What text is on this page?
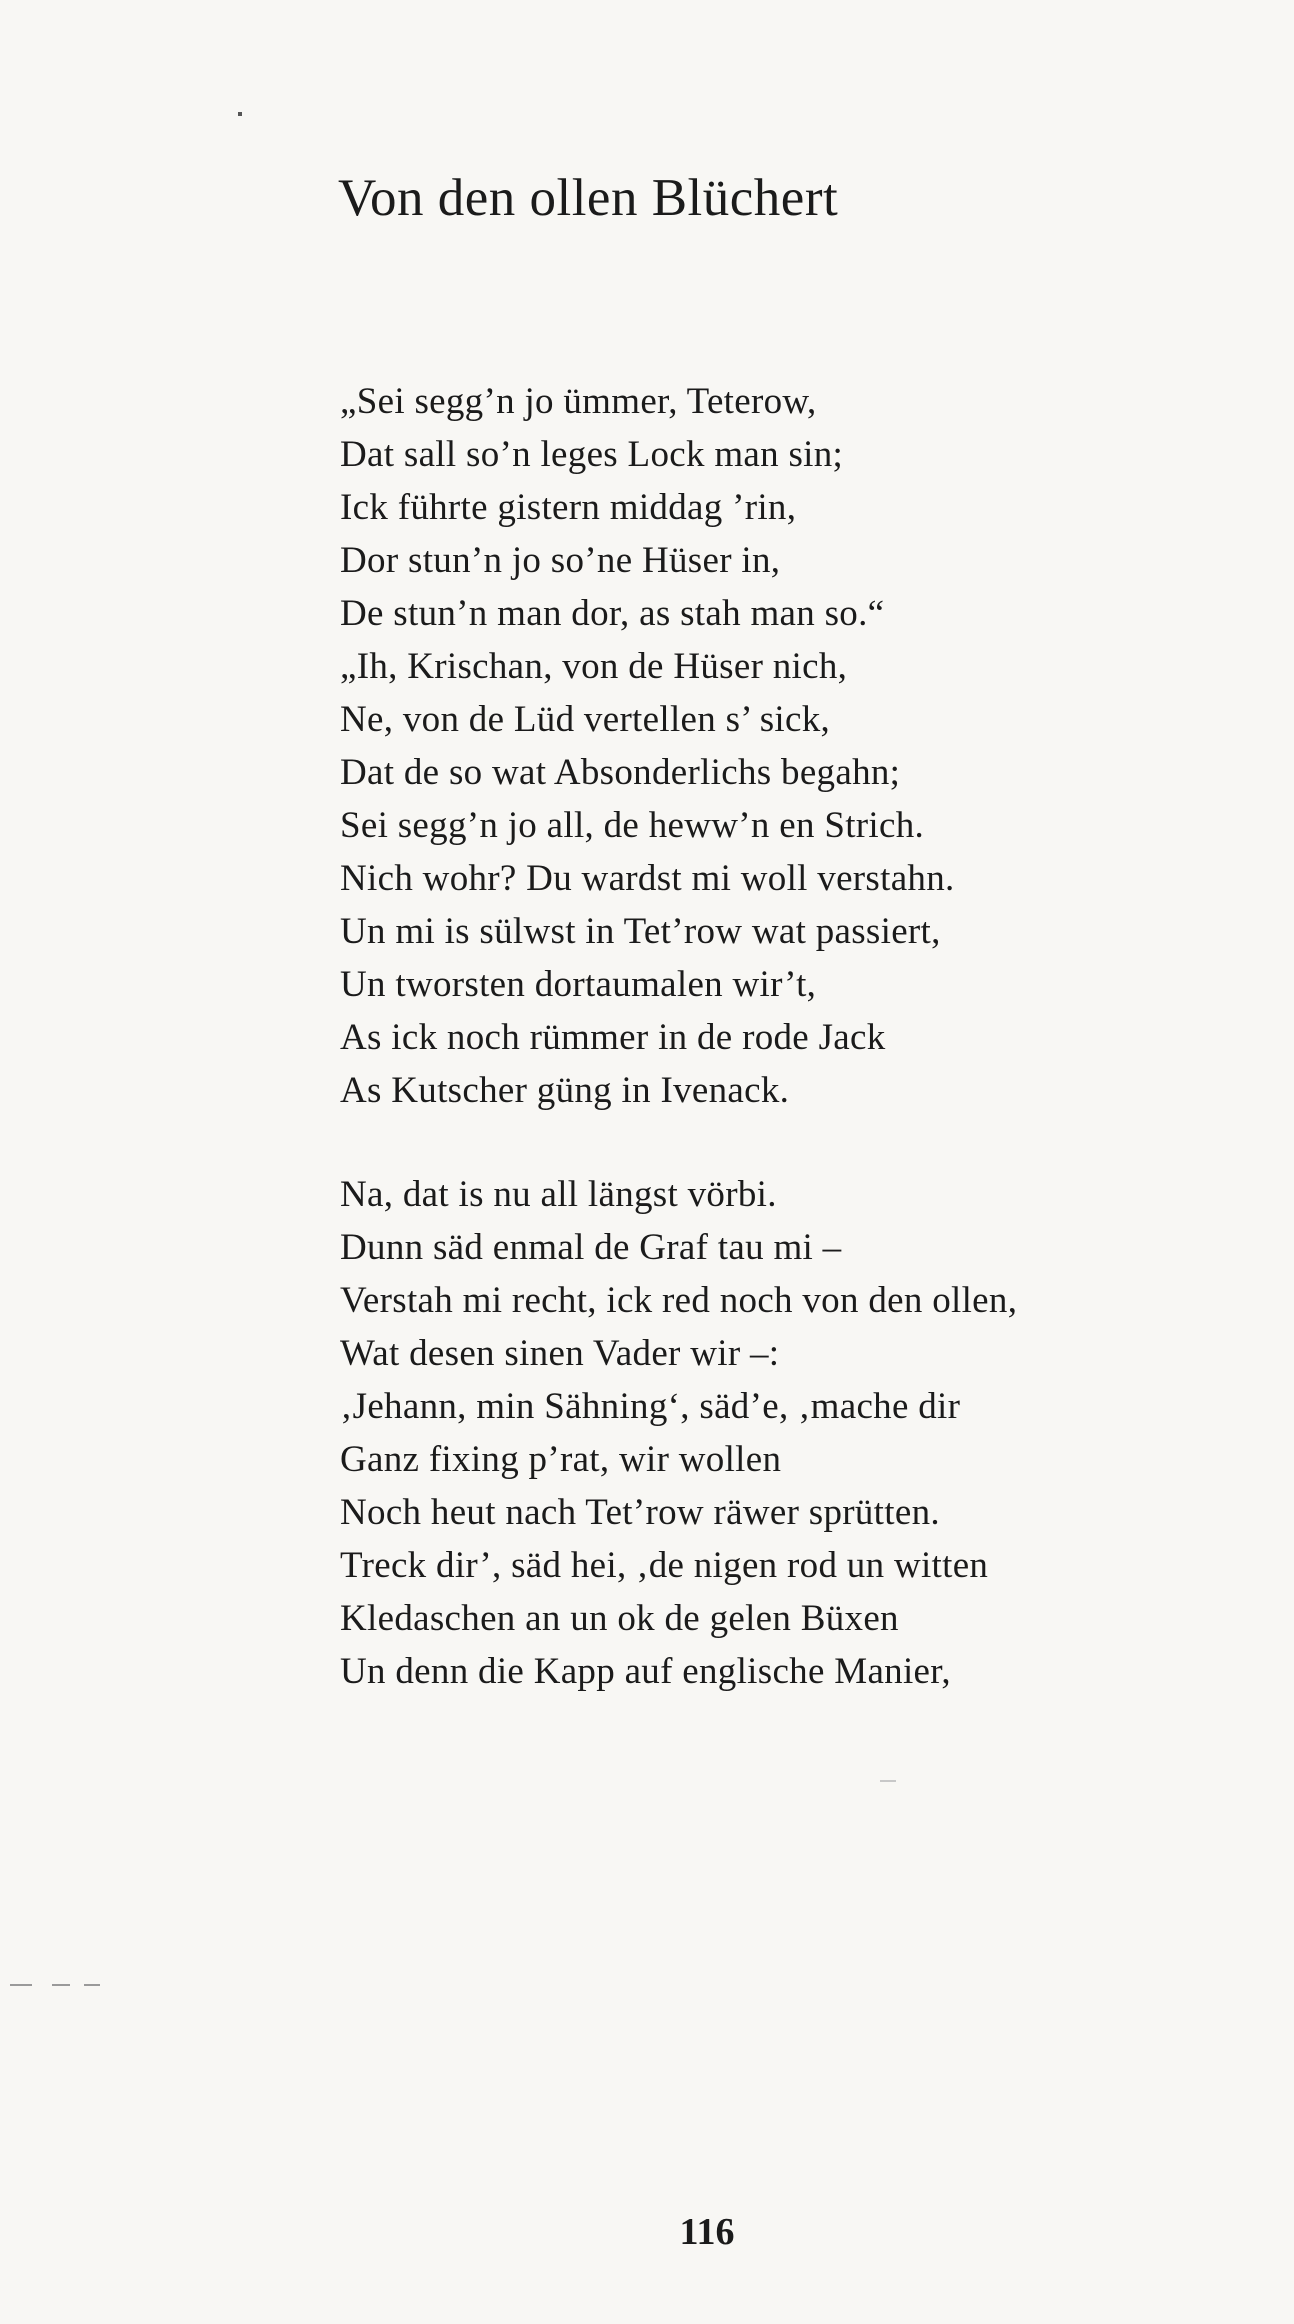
Von den ollen Blüchert
„Sei segg’n jo ümmer, Teterow,
Dat sall so’n leges Lock man sin;
Ick führte gistern middag ’rin,
Dor stun’n jo so’ne Hüser in,
De stun’n man dor, as stah man so.“
„Ih, Krischan, von de Hüser nich,
Ne, von de Lüd vertellen s’ sick,
Dat de so wat Absonderlichs begahn;
Sei segg’n jo all, de heww’n en Strich.
Nich wohr? Du wardst mi woll verstahn.
Un mi is sülwst in Tet’row wat passiert,
Un tworsten dortaumalen wir’t,
As ick noch rümmer in de rode Jack
As Kutscher güng in Ivenack.
Na, dat is nu all längst vörbi.
Dunn säd enmal de Graf tau mi –
Verstah mi recht, ick red noch von den ollen,
Wat desen sinen Vader wir –:
‚Jehann, min Sähning‘, säd’e, ‚mache dir
Ganz fixing p’rat, wir wollen
Noch heut nach Tet’row räwer sprütten.
Treck dir’, säd hei, ‚de nigen rod un witten
Kledaschen an un ok de gelen Büxen
Un denn die Kapp auf englische Manier,
116
